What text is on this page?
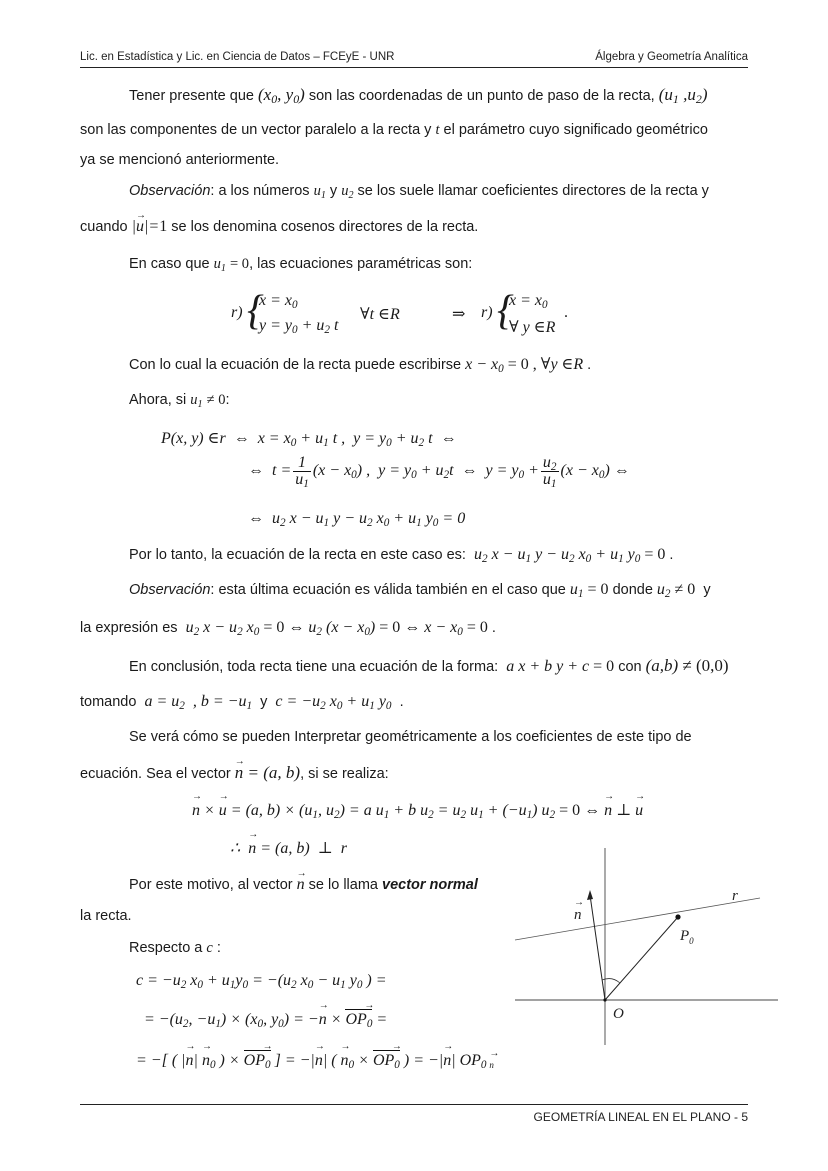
Lic. en Estadística y Lic. en Ciencia de Datos – FCEyE - UNR	Álgebra y Geometría Analítica
Tener presente que ($x_0$, $y_0$) son las coordenadas de un punto de paso de la recta, ($u_1$ $,u_2$)
son las componentes de un vector paralelo a la recta y t el parámetro cuyo significado geométrico
ya se mencionó anteriormente.
Observación: a los números $u_1$ y $u_2$ se los suele llamar coeficientes directores de la recta y
cuando |→ u|=1 se los denomina cosenos directores de la recta.
En caso que $u_1 = 0$, las ecuaciones paramétricas son:
r) {
$x = x_0$
$y = y_0 + u_2$ t
∀t ∈R	⇒ r) {
$x = x_0$
∀ y ∈R
.
Con lo cual la ecuación de la recta puede escribirse $x - x_0 = 0$ , ∀y ∈R .
Ahora, si $u_1 \ne 0$:
P(x, y) ∈r  ⇔  $x = x_0 + u_1$ t ,  $y = y_0 + u_2$ t  ⇔
⇔  $t = \frac{1}{u_1} (x - x_0)$ ,  $y = y_0 + u_2t$  ⇔  $y = y_0 + \frac{u_2}{u_1} (x - x_0)$ ⇔
⇔  $u_2$ $x - u_1$ $y - u_2$ $x_0 + u_1$ $y_0 = 0$
Por lo tanto, la ecuación de la recta en este caso es:  $u_2$ $x - u_1$ $y - u_2$ $x_0 + u_1$ $y_0 = 0$ .
Observación: esta última ecuación es válida también en el caso que $u_1 = 0$ donde $u_2 \ne 0$ y
la expresión es  $u_2$ $x - u_2$ $x_0 = 0$ ⇔ $u_2$ $(x - x_0) = 0$ ⇔ $x - x_0 = 0$ .
En conclusión, toda recta tiene una ecuación de la forma:  a x + b y + c = 0 con (a,b) ≠ (0,0)
tomando  $a = u_2$  , $b = -u_1$ y $c = -u_2$ $x_0 + u_1$ $y_0$  .
Se verá cómo se pueden Interpretar geométricamente a los coeficientes de este tipo de
ecuación. Sea el vector → n = (a, b), si se realiza:
→ n × → u = (a, $b) \times (u_1$, $u_2) = a$ $u_1 + b$ $u_2 = u_2$ $u_1 + (-u_1) u_2 = 0$ ⇔ → n ⊥ → u
∴  → n = (a, b)  ⊥  r
Por este motivo, al vector → n se lo llama vector normal
la recta.
Respecto a c :
$c = -u_2$ $x_0 + u_1y_0 = -(u_2$ $x_0 - u_1$ $y_0$ ) =
= $-(u_2$, $-u_1) \times (x_0$, $y_0$) = −→ $n \times OP_0$ → =
= −[ ( |→ $n| \to n_0$ ) × $OP_0$ → ] = −|→ n| ( → $n_0 \times OP_0$ → ) = −|→ n| $OP_{0 n}$
r
n
→
$P_0$
O
GEOMETRÍA LINEAL EN EL PLANO - 5
